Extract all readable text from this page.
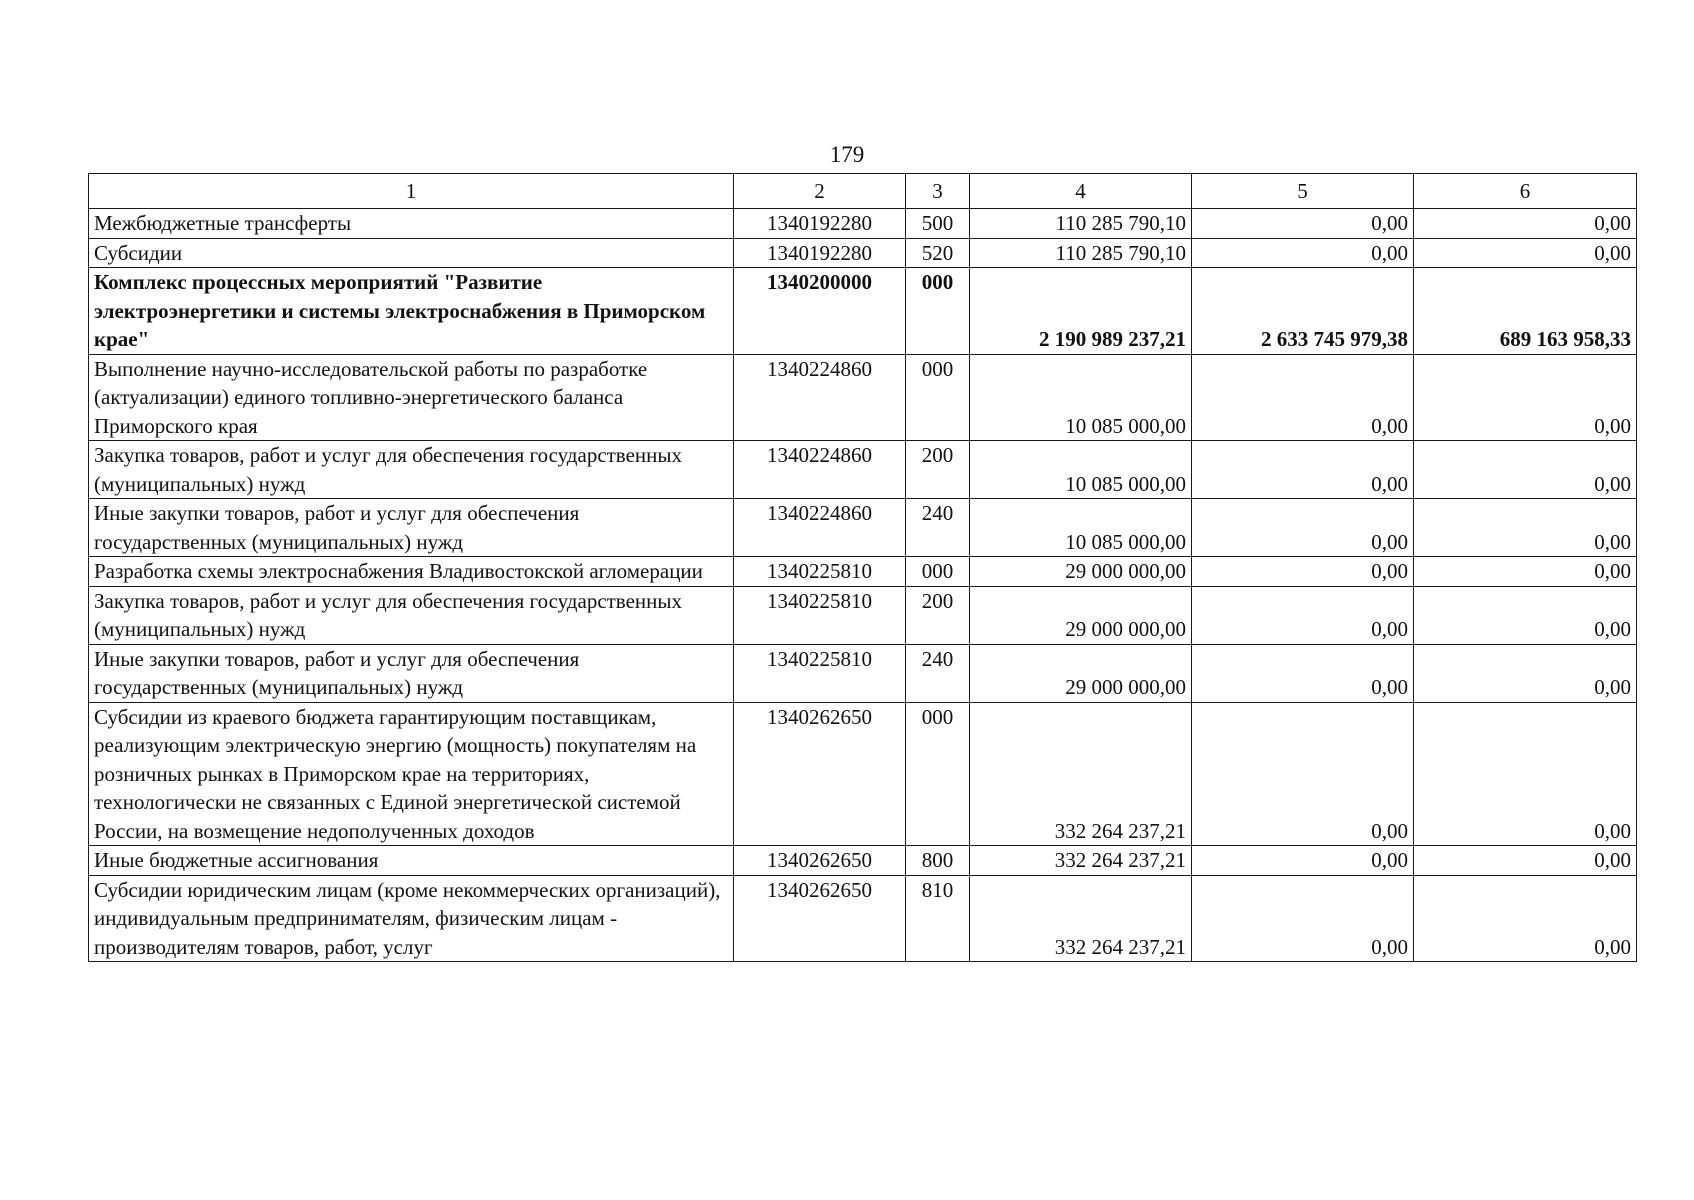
179
1	2	3	4	5	6
Межбюджетные трансферты	1340192280	500	110 285 790,10	0,00	0,00
Субсидии	1340192280	520	110 285 790,10	0,00	0,00
Комплекс процессных мероприятий "Развитие электроэнергетики и системы электроснабжения в Приморском крае"	1340200000	000	2 190 989 237,21	2 633 745 979,38	689 163 958,33
Выполнение научно-исследовательской работы по разработке (актуализации) единого топливно-энергетического баланса Приморского края	1340224860	000	10 085 000,00	0,00	0,00
Закупка товаров, работ и услуг для обеспечения государственных (муниципальных) нужд	1340224860	200	10 085 000,00	0,00	0,00
Иные закупки товаров, работ и услуг для обеспечения государственных (муниципальных) нужд	1340224860	240	10 085 000,00	0,00	0,00
Разработка схемы электроснабжения Владивостокской агломерации	1340225810	000	29 000 000,00	0,00	0,00
Закупка товаров, работ и услуг для обеспечения государственных (муниципальных) нужд	1340225810	200	29 000 000,00	0,00	0,00
Иные закупки товаров, работ и услуг для обеспечения государственных (муниципальных) нужд	1340225810	240	29 000 000,00	0,00	0,00
Субсидии из краевого бюджета гарантирующим поставщикам, реализующим электрическую энергию (мощность) покупателям на розничных рынках в Приморском крае на территориях, технологически не связанных с Единой энергетической системой России, на возмещение недополученных доходов	1340262650	000	332 264 237,21	0,00	0,00
Иные бюджетные ассигнования	1340262650	800	332 264 237,21	0,00	0,00
Субсидии юридическим лицам (кроме некоммерческих организаций), индивидуальным предпринимателям, физическим лицам - производителям товаров, работ, услуг	1340262650	810	332 264 237,21	0,00	0,00
